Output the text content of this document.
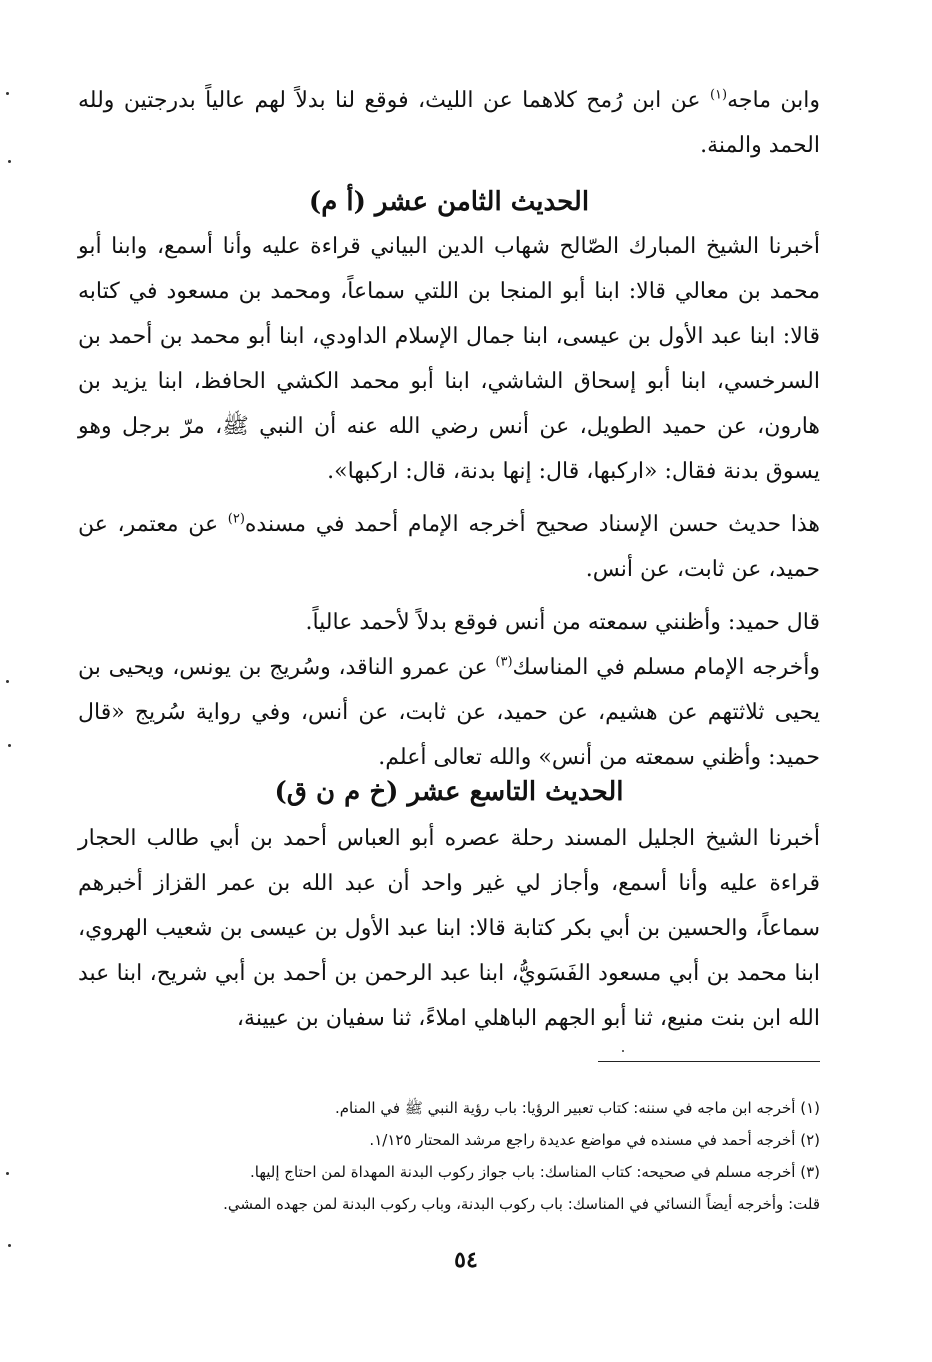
وابن ماجه$^{(١)}$ عن ابن رُمح كلاهما عن الليث، فوقع لنا بدلاً لهم عالياً بدرجتين ولله الحمد والمنة.

الحديث الثامن عشر (أ م)

أخبرنا الشيخ المبارك الصّالح شهاب الدين البياني قراءة عليه وأنا أسمع، وابنا أبو محمد بن معالي قالا: ابنا أبو المنجا بن اللتي سماعاً، ومحمد بن مسعود في كتابه قالا: ابنا عبد الأول بن عيسى، ابنا جمال الإسلام الداودي، ابنا أبو محمد بن أحمد بن السرخسي، ابنا أبو إسحاق الشاشي، ابنا أبو محمد الكشي الحافظ، ابنا يزيد بن هارون، عن حميد الطويل، عن أنس رضي الله عنه أن النبي ﷺ، مرّ برجل وهو يسوق بدنة فقال: «اركبها، قال: إنها بدنة، قال: اركبها».

هذا حديث حسن الإسناد صحيح أخرجه الإمام أحمد في مسنده$^{(٢)}$ عن معتمر، عن حميد، عن ثابت، عن أنس.

قال حميد: وأظنني سمعته من أنس فوقع بدلاً لأحمد عالياً.

وأخرجه الإمام مسلم في المناسك$^{(٣)}$ عن عمرو الناقد، وسُريج بن يونس، ويحيى بن يحيى ثلاثتهم عن هشيم، عن حميد، عن ثابت، عن أنس، وفي رواية سُريج «قال حميد: وأظني سمعته من أنس» والله تعالى أعلم.

الحديث التاسع عشر (خ م ن ق)

أخبرنا الشيخ الجليل المسند رحلة عصره أبو العباس أحمد بن أبي طالب الحجار قراءة عليه وأنا أسمع، وأجاز لي غير واحد أن عبد الله بن عمر القزاز أخبرهم سماعاً، والحسين بن أبي بكر كتابة قالا: ابنا عبد الأول بن عيسى بن شعيب الهروي، ابنا محمد بن أبي مسعود الفَسَويُّ، ابنا عبد الرحمن بن أحمد بن أبي شريح، ابنا عبد الله ابن بنت منيع، ثنا أبو الجهم الباهلي املاءً، ثنا سفيان بن عيينة،

(١) أخرجه ابن ماجه في سننه: كتاب تعبير الرؤيا: باب رؤية النبي ﷺ في المنام.

(٢) أخرجه أحمد في مسنده في مواضع عديدة راجع مرشد المحتار ١/١٢٥.

(٣) أخرجه مسلم في صحيحه: كتاب المناسك: باب جواز ركوب البدنة المهداة لمن احتاج إليها.

قلت: وأخرجه أيضاً النسائي في المناسك: باب ركوب البدنة، وباب ركوب البدنة لمن جهده المشي.

٥٤
